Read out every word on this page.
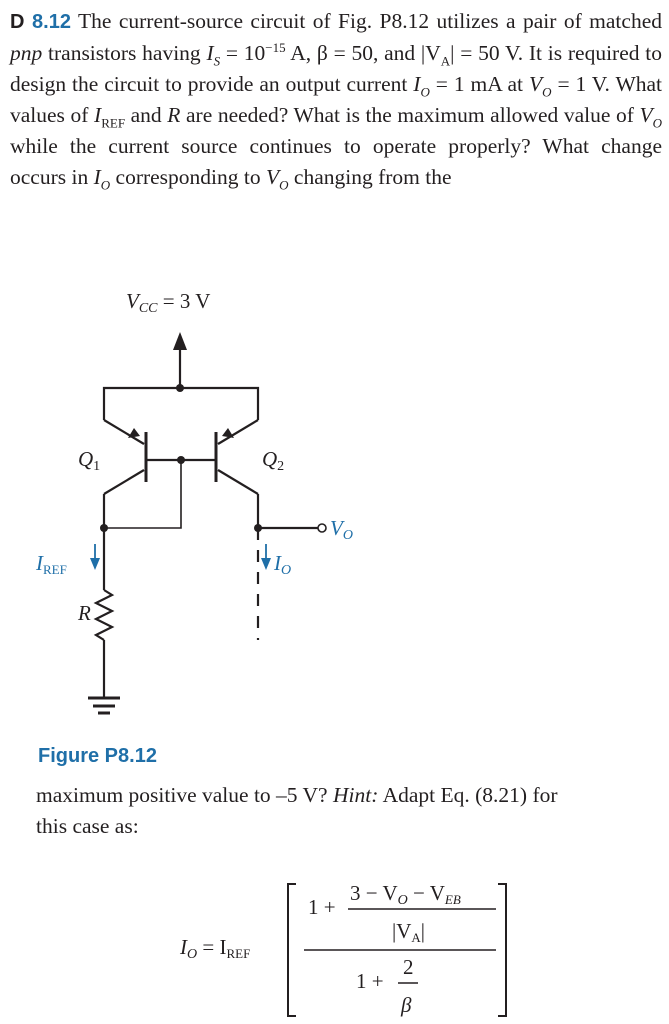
D 8.12 The current-source circuit of Fig. P8.12 utilizes a pair of matched pnp transistors having $I_S = 10^{-15}$ A, β = 50, and $|V_A| = 50$ V. It is required to design the circuit to provide an output current $I_O = 1$ mA at $V_O = 1$ V. What values of $I_{REF}$ and R are needed? What is the maximum allowed value of $V_O$ while the current source continues to operate properly? What change occurs in $I_O$ corresponding to $V_O$ changing from the
VCC = 3 V
Q1	Q2
VO
IREF	IO
R
Figure P8.12
maximum positive value to –5 V? Hint: Adapt Eq. (8.21) for
this case as:
IO = IREF
1 +
3 − VO − VEB
|VA|
1 +
2
β
